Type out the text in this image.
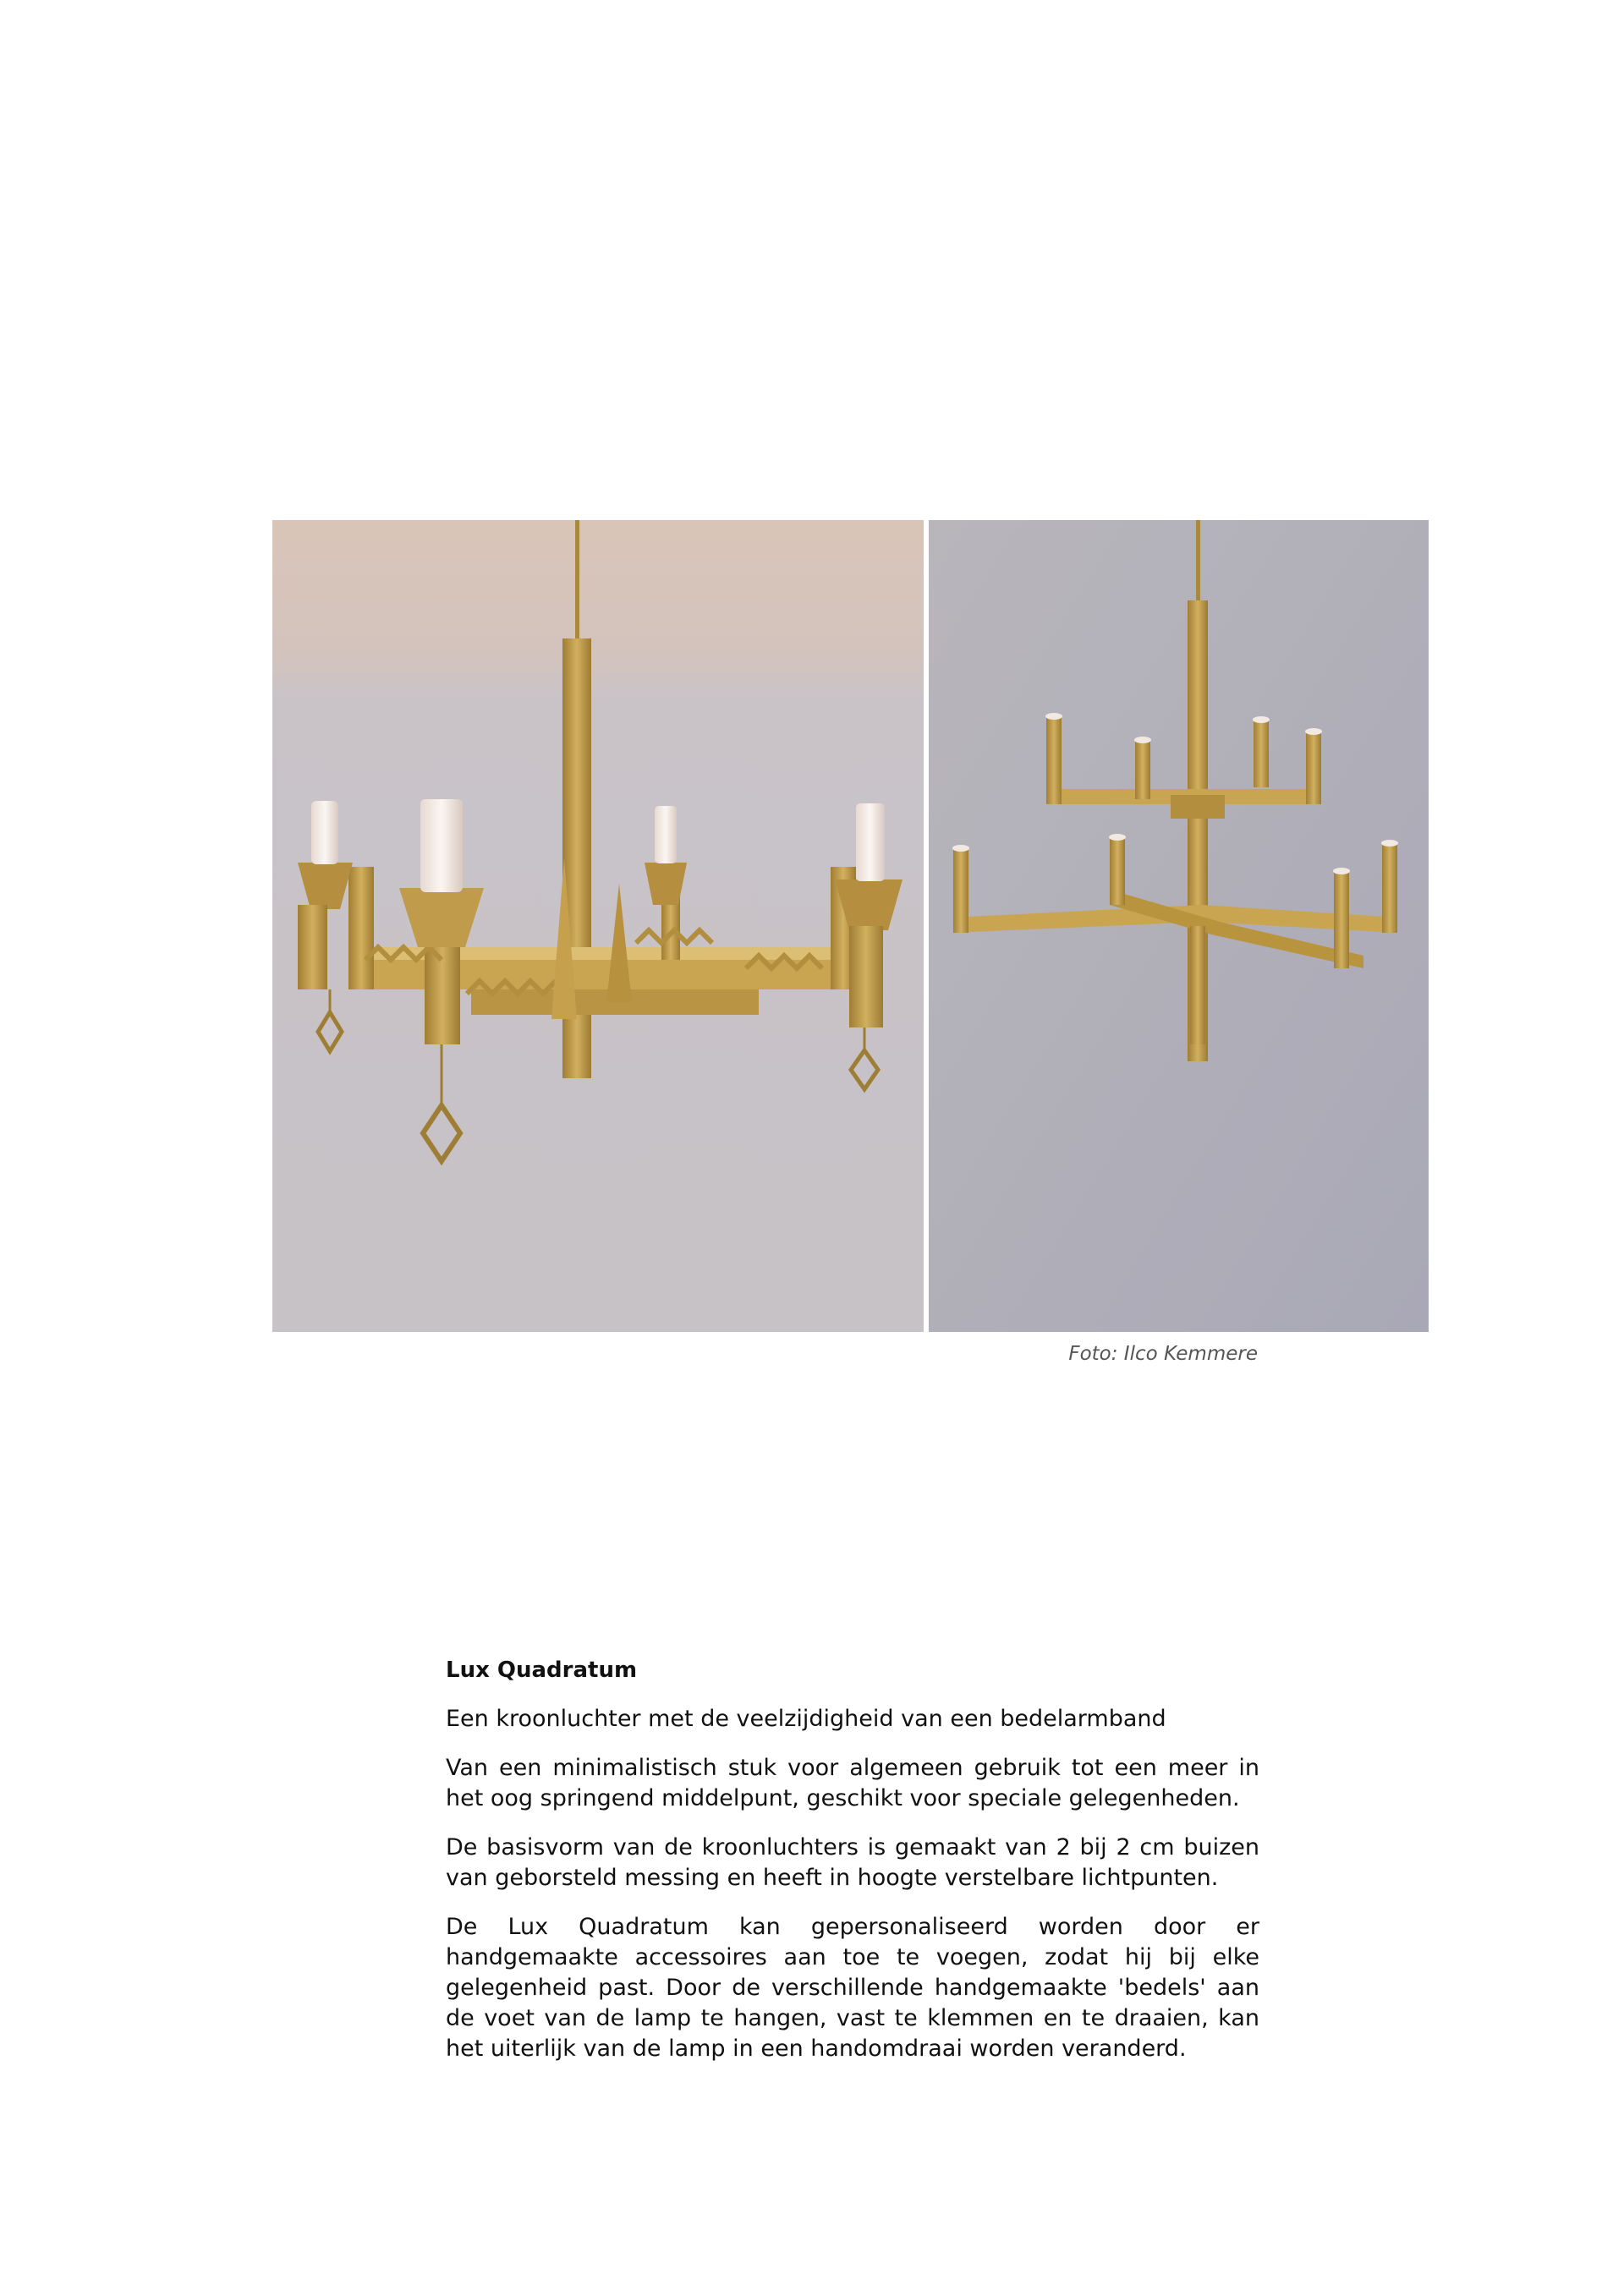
Foto: Ilco Kemmere

Lux Quadratum

Een kroonluchter met de veelzijdigheid van een bedelarmband

Van een minimalistisch stuk voor algemeen gebruik tot een meer in het oog springend middelpunt, geschikt voor speciale gelegenheden.

De basisvorm van de kroonluchters is gemaakt van 2 bij 2 cm buizen van geborsteld messing en heeft in hoogte verstelbare lichtpunten.

De Lux Quadratum kan gepersonaliseerd worden door er handgemaakte accessoires aan toe te voegen, zodat hij bij elke gelegenheid past. Door de verschillende handgemaakte 'bedels' aan de voet van de lamp te hangen, vast te klemmen en te draaien, kan het uiterlijk van de lamp in een handomdraai worden veranderd.
